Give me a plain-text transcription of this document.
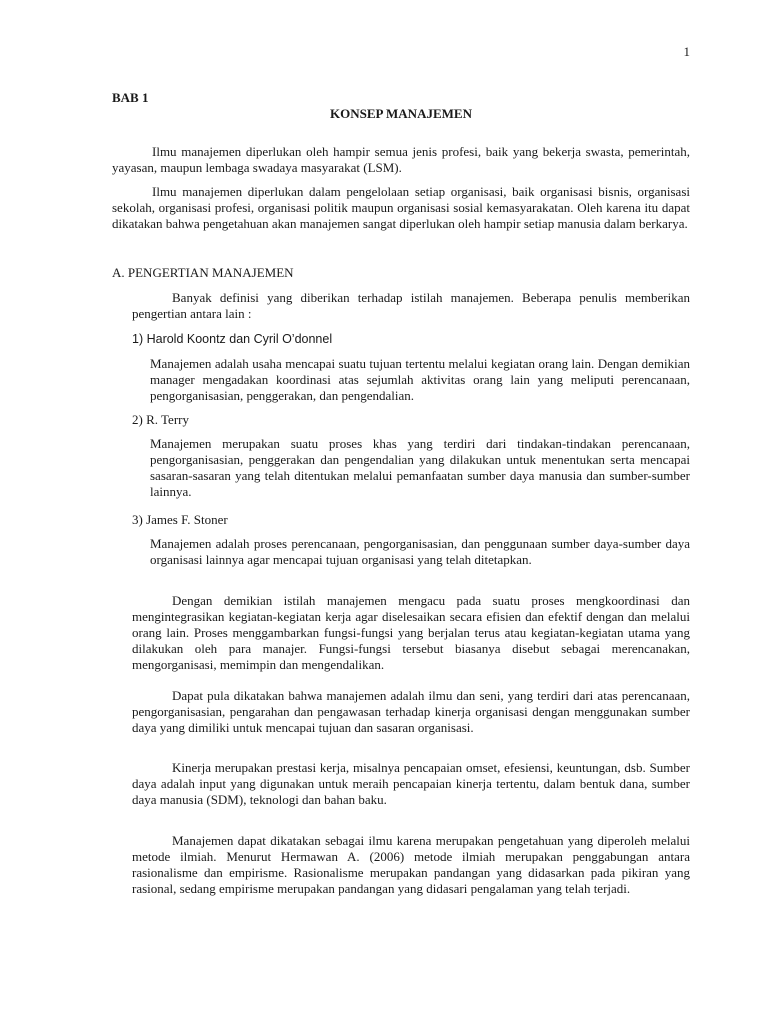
1
BAB 1
KONSEP MANAJEMEN

Ilmu manajemen diperlukan oleh hampir semua jenis profesi, baik yang bekerja swasta, pemerintah, yayasan, maupun lembaga swadaya masyarakat (LSM).

Ilmu manajemen diperlukan dalam pengelolaan setiap organisasi, baik organisasi bisnis, organisasi sekolah, organisasi profesi, organisasi politik maupun organisasi sosial kemasyarakatan. Oleh karena itu dapat dikatakan bahwa pengetahuan akan manajemen sangat diperlukan oleh hampir setiap manusia dalam berkarya.

A. PENGERTIAN MANAJEMEN

Banyak definisi yang diberikan terhadap istilah manajemen. Beberapa penulis memberikan pengertian antara lain :

1) Harold Koontz dan Cyril O’donnel

Manajemen adalah usaha mencapai suatu tujuan tertentu melalui kegiatan orang lain. Dengan demikian manager mengadakan koordinasi atas sejumlah aktivitas orang lain yang meliputi perencanaan, pengorganisasian, penggerakan, dan pengendalian.

2) R. Terry

Manajemen merupakan suatu proses khas yang terdiri dari tindakan-tindakan perencanaan, pengorganisasian, penggerakan dan pengendalian yang dilakukan untuk menentukan serta mencapai sasaran-sasaran yang telah ditentukan melalui pemanfaatan sumber daya manusia dan sumber-sumber lainnya.

3) James F. Stoner

Manajemen adalah proses perencanaan, pengorganisasian, dan penggunaan sumber daya-sumber daya organisasi lainnya agar mencapai tujuan organisasi yang telah ditetapkan.

Dengan demikian istilah manajemen mengacu pada suatu proses mengkoordinasi dan mengintegrasikan kegiatan-kegiatan kerja agar diselesaikan secara efisien dan efektif dengan dan melalui orang lain. Proses menggambarkan fungsi-fungsi yang berjalan terus atau kegiatan-kegiatan utama yang dilakukan oleh para manajer. Fungsi-fungsi tersebut biasanya disebut sebagai merencanakan, mengorganisasi, memimpin dan mengendalikan.

Dapat pula dikatakan bahwa manajemen adalah ilmu dan seni, yang terdiri dari atas perencanaan, pengorganisasian, pengarahan dan pengawasan terhadap kinerja organisasi dengan menggunakan sumber daya yang dimiliki untuk mencapai tujuan dan sasaran organisasi.

Kinerja merupakan prestasi kerja, misalnya pencapaian omset, efesiensi, keuntungan, dsb. Sumber daya adalah input yang digunakan untuk meraih pencapaian kinerja tertentu, dalam bentuk dana, sumber daya manusia (SDM), teknologi dan bahan baku.

Manajemen dapat dikatakan sebagai ilmu karena merupakan pengetahuan yang diperoleh melalui metode ilmiah. Menurut Hermawan A. (2006) metode ilmiah merupakan penggabungan antara rasionalisme dan empirisme. Rasionalisme merupakan pandangan yang didasarkan pada pikiran yang rasional, sedang empirisme merupakan pandangan yang didasari pengalaman yang telah terjadi.
